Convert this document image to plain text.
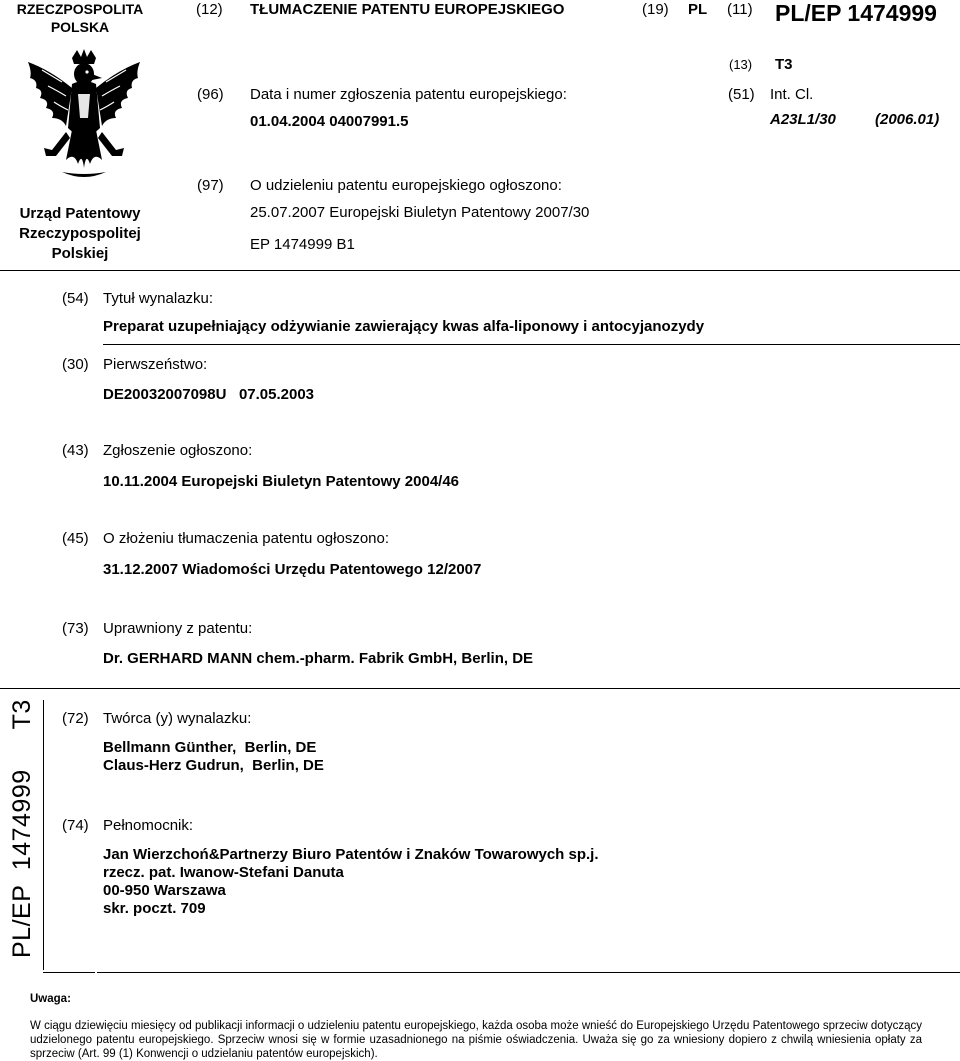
RZECZPOSPOLITA
POLSKA
(12) TŁUMACZENIE PATENTU EUROPEJSKIEGO	(19) PL (11) PL/EP 1474999
(13) T3
(96) Data i numer zgłoszenia patentu europejskiego:	(51) Int. Cl.
01.04.2004 04007991.5	A23L1/30	(2006.01)
(97) O udzieleniu patentu europejskiego ogłoszono:
Urząd Patentowy
Rzeczypospolitej
Polskiej
25.07.2007 Europejski Biuletyn Patentowy 2007/30
EP 1474999 B1
(54) Tytuł wynalazku:
Preparat uzupełniający odżywianie zawierający kwas alfa-liponowy i antocyjanozydy
(30) Pierwszeństwo:
DE20032007098U   07.05.2003
(43) Zgłoszenie ogłoszono:
10.11.2004 Europejski Biuletyn Patentowy 2004/46
(45) O złożeniu tłumaczenia patentu ogłoszono:
31.12.2007 Wiadomości Urzędu Patentowego 12/2007
(73) Uprawniony z patentu:
Dr. GERHARD MANN chem.-pharm. Fabrik GmbH, Berlin, DE
PL/EP  1474999T3 (72) Twórca (y) wynalazku:
Bellmann Günther,  Berlin, DE
Claus-Herz Gudrun,  Berlin, DE
(74) Pełnomocnik:
Jan Wierzchoń&Partnerzy Biuro Patentów i Znaków Towarowych sp.j.
rzecz. pat. Iwanow-Stefani Danuta
00-950 Warszawa
skr. poczt. 709
Uwaga:
W ciągu dziewięciu miesięcy od publikacji informacji o udzieleniu patentu europejskiego, każda osoba może wnieść do Europejskiego Urzędu Patentowego sprzeciw dotyczący udzielonego patentu europejskiego. Sprzeciw wnosi się w formie uzasadnionego na piśmie oświadczenia. Uważa się go za wniesiony dopiero z chwilą wniesienia opłaty za sprzeciw (Art. 99 (1) Konwencji o udzielaniu patentów europejskich).
